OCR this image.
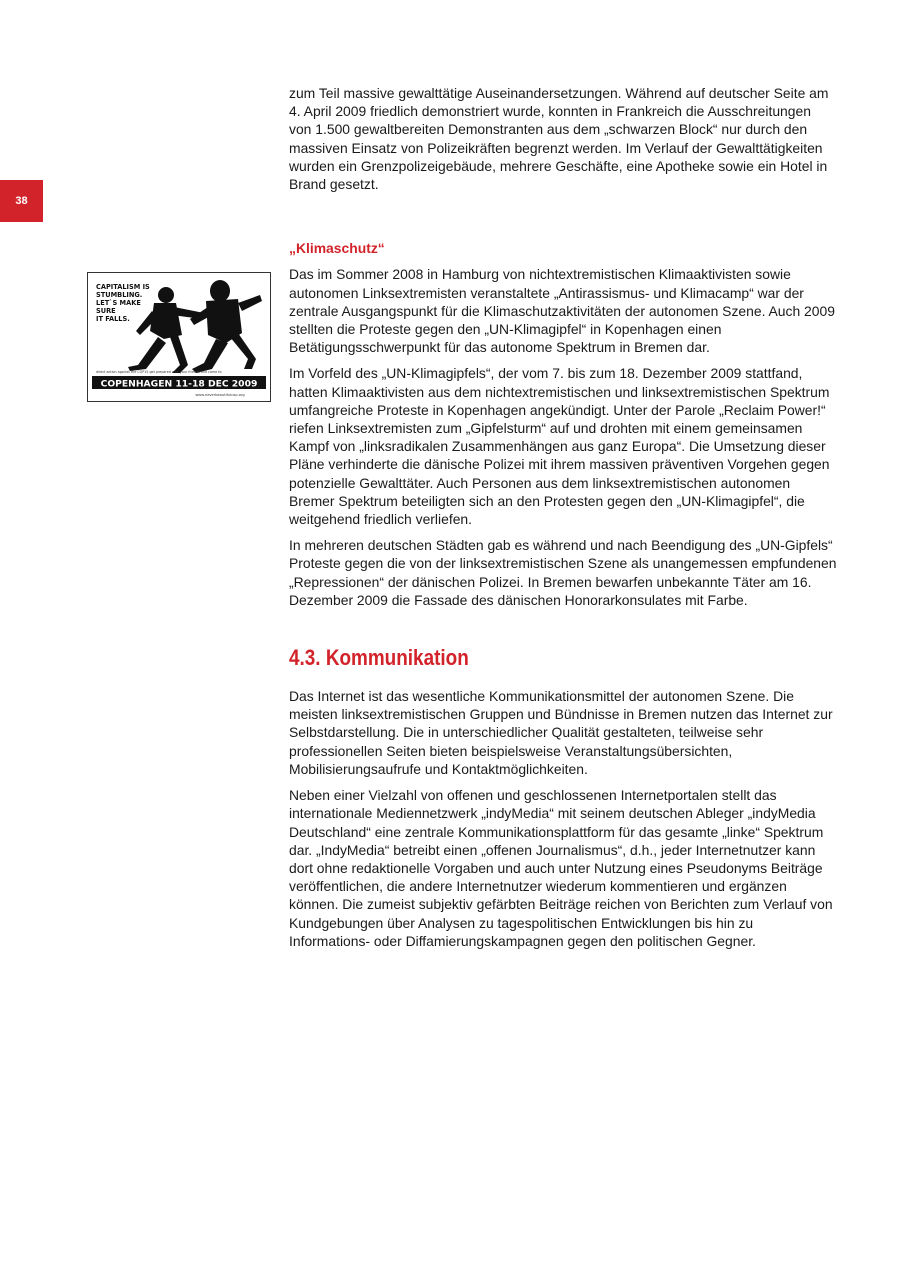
38
CAPITALISM IS
STUMBLING.
LET`S MAKE
SURE
IT FALLS.
direct action against the COP15 get prepared with your friends and come to
COPENHAGEN 11-18 DEC 2009
www.neverbeautifulcop.org

zum Teil massive gewalttätige Auseinandersetzungen. Während auf deutscher Seite am 4. April 2009 friedlich demonstriert wurde, konnten in Frankreich die Ausschreitungen von 1.500 gewaltbereiten Demonstranten aus dem „schwarzen Block“ nur durch den massiven Einsatz von Polizeikräften begrenzt werden. Im Verlauf der Gewalttätigkeiten wurden ein Grenzpolizeigebäude, mehrere Geschäfte, eine Apotheke sowie ein Hotel in Brand gesetzt.

„Klimaschutz“

Das im Sommer 2008 in Hamburg von nichtextremistischen Klimaaktivisten sowie autonomen Linksextremisten veranstaltete „Antirassismus- und Klimacamp“ war der zentrale Ausgangspunkt für die Klimaschutzaktivitäten der autonomen Szene. Auch 2009 stellten die Proteste gegen den „UN-Klimagipfel“ in Kopenhagen einen Betätigungsschwerpunkt für das autonome Spektrum in Bremen dar.

Im Vorfeld des „UN-Klimagipfels“, der vom 7. bis zum 18. Dezember 2009 stattfand, hatten Klimaaktivisten aus dem nichtextremistischen und linksextremistischen Spektrum umfangreiche Proteste in Kopenhagen angekündigt. Unter der Parole „Reclaim Power!“ riefen Linksextremisten zum „Gipfelsturm“ auf und drohten mit einem gemeinsamen Kampf von „linksradikalen Zusammenhängen aus ganz Europa“. Die Umsetzung dieser Pläne verhinderte die dänische Polizei mit ihrem massiven präventiven Vorgehen gegen potenzielle Gewalttäter. Auch Personen aus dem linksextremistischen autonomen Bremer Spektrum beteiligten sich an den Protesten gegen den „UN-Klimagipfel“, die weitgehend friedlich verliefen.

In mehreren deutschen Städten gab es während und nach Beendigung des „UN-Gipfels“ Proteste gegen die von der linksextremistischen Szene als unangemessen empfundenen „Repressionen“ der dänischen Polizei. In Bremen bewarfen unbekannte Täter am 16. Dezember 2009 die Fassade des dänischen Honorarkonsulates mit Farbe.

4.3. Kommunikation

Das Internet ist das wesentliche Kommunikationsmittel der autonomen Szene. Die meisten linksextremistischen Gruppen und Bündnisse in Bremen nutzen das Internet zur Selbstdarstellung. Die in unterschiedlicher Qualität gestalteten, teilweise sehr professionellen Seiten bieten beispielsweise Veranstaltungsübersichten, Mobilisierungsaufrufe und Kontaktmöglichkeiten.

Neben einer Vielzahl von offenen und geschlossenen Internetportalen stellt das internationale Mediennetzwerk „indyMedia“ mit seinem deutschen Ableger „indyMedia Deutschland“ eine zentrale Kommunikationsplattform für das gesamte „linke“ Spektrum dar. „IndyMedia“ betreibt einen „offenen Journalismus“, d.h., jeder Internetnutzer kann dort ohne redaktionelle Vorgaben und auch unter Nutzung eines Pseudonyms Beiträge veröffentlichen, die andere Internetnutzer wiederum kommentieren und ergänzen können. Die zumeist subjektiv gefärbten Beiträge reichen von Berichten zum Verlauf von Kundgebungen über Analysen zu tagespolitischen Entwicklungen bis hin zu Informations- oder Diffamierungskampagnen gegen den politischen Gegner.
